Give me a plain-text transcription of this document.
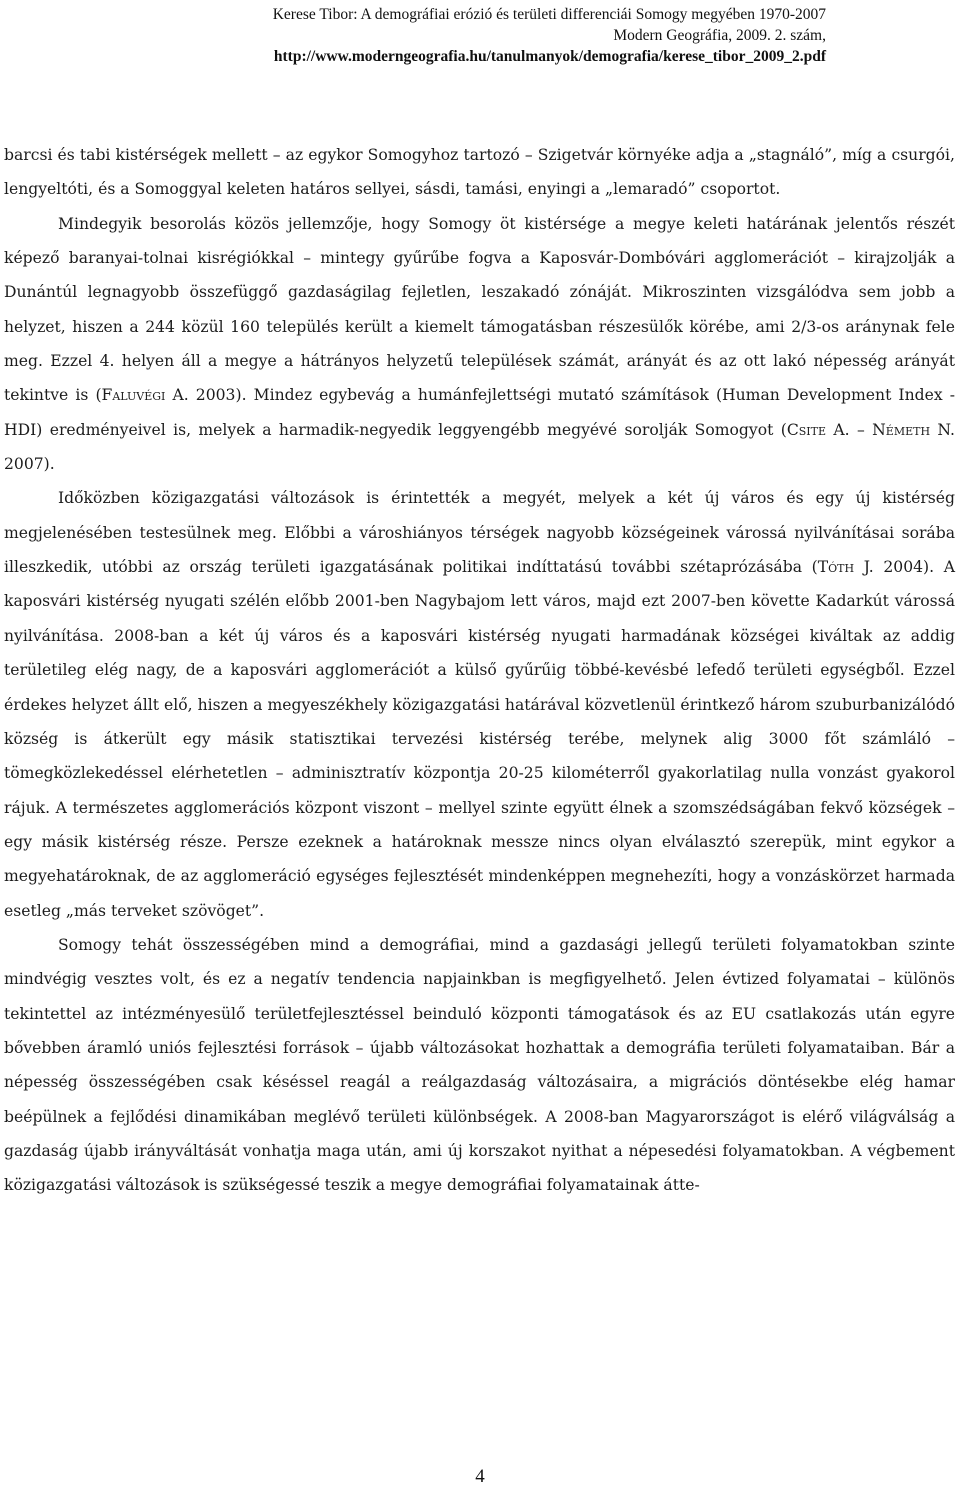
Kerese Tibor: A demográfiai erózió és területi differenciái Somogy megyében 1970-2007
Modern Geográfia, 2009. 2. szám,
http://www.moderngeografia.hu/tanulmanyok/demografia/kerese_tibor_2009_2.pdf

barcsi és tabi kistérségek mellett – az egykor Somogyhoz tartozó – Szigetvár környéke adja a „stagnáló”, míg a csurgói, lengyeltóti, és a Somoggyal keleten határos sellyei, sásdi, tamási, enyingi a „lemaradó” csoportot.

Mindegyik besorolás közös jellemzője, hogy Somogy öt kistérsége a megye keleti határának jelentős részét képező baranyai-tolnai kisrégiókkal – mintegy gyűrűbe fogva a Kaposvár-Dombóvári agglomerációt – kirajzolják a Dunántúl legnagyobb összefüggő gazdaságilag fejletlen, leszakadó zónáját. Mikroszinten vizsgálódva sem jobb a helyzet, hiszen a 244 közül 160 település került a kiemelt támogatásban részesülők körébe, ami 2/3-os aránynak fele meg. Ezzel 4. helyen áll a megye a hátrányos helyzetű települések számát, arányát és az ott lakó népesség arányát tekintve is (Faluvégi A. 2003). Mindez egybevág a humánfejlettségi mutató számítások (Human Development Index - HDI) eredményeivel is, melyek a harmadik-negyedik leggyengébb megyévé sorolják Somogyot (Csite A. – Németh N. 2007).

Időközben közigazgatási változások is érintették a megyét, melyek a két új város és egy új kistérség megjelenésében testesülnek meg. Előbbi a városhiányos térségek nagyobb községeinek várossá nyilvánításai sorába illeszkedik, utóbbi az ország területi igazgatásának politikai indíttatású további szétaprózásába (Tóth J. 2004). A kaposvári kistérség nyugati szélén előbb 2001-ben Nagybajom lett város, majd ezt 2007-ben követte Kadarkút várossá nyilvánítása. 2008-ban a két új város és a kaposvári kistérség nyugati harmadának községei kiváltak az addig területileg elég nagy, de a kaposvári agglomerációt a külső gyűrűig többé-kevésbé lefedő területi egységből. Ezzel érdekes helyzet állt elő, hiszen a megyeszékhely közigazgatási határával közvetlenül érintkező három szuburbanizálódó község is átkerült egy másik statisztikai tervezési kistérség terébe, melynek alig 3000 főt számláló – tömegközlekedéssel elérhetetlen – adminisztratív központja 20-25 kilométerről gyakorlatilag nulla vonzást gyakorol rájuk. A természetes agglomerációs központ viszont – mellyel szinte együtt élnek a szomszédságában fekvő községek – egy másik kistérség része. Persze ezeknek a határoknak messze nincs olyan elválasztó szerepük, mint egykor a megyehatároknak, de az agglomeráció egységes fejlesztését mindenképpen megnehezíti, hogy a vonzáskörzet harmada esetleg „más terveket szövöget”.

Somogy tehát összességében mind a demográfiai, mind a gazdasági jellegű területi folyamatokban szinte mindvégig vesztes volt, és ez a negatív tendencia napjainkban is megfigyelhető. Jelen évtized folyamatai – különös tekintettel az intézményesülő területfejlesztéssel beinduló központi támogatások és az EU csatlakozás után egyre bővebben áramló uniós fejlesztési források – újabb változásokat hozhattak a demográfia területi folyamataiban. Bár a népesség összességében csak késéssel reagál a reálgazdaság változásaira, a migrációs döntésekbe elég hamar beépülnek a fejlődési dinamikában meglévő területi különbségek. A 2008-ban Magyarországot is elérő világválság a gazdaság újabb irányváltását vonhatja maga után, ami új korszakot nyithat a népesedési folyamatokban. A végbement közigazgatási változások is szükségessé teszik a megye demográfiai folyamatainak átte-

4
